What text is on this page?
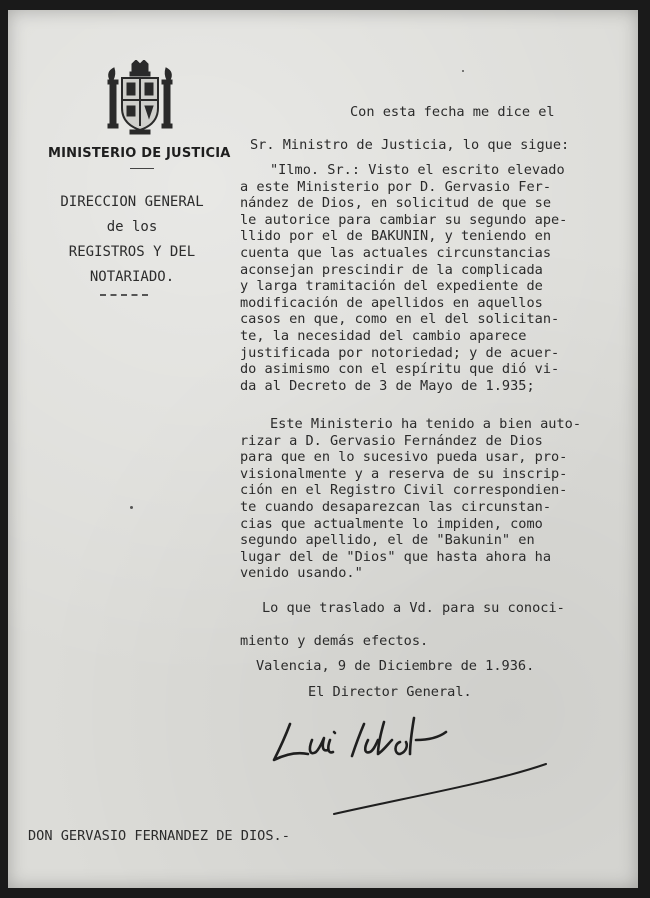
MINISTERIO DE JUSTICIA
DIRECCION GENERAL
de los
REGISTROS Y DEL
NOTARIADO.
Con esta fecha me dice el
Sr. Ministro de Justicia, lo que sigue:
"Ilmo. Sr.: Visto el escrito elevado
a este Ministerio por D. Gervasio Fer-
nández de Dios, en solicitud de que se
le autorice para cambiar su segundo ape-
llido por el de BAKUNIN, y teniendo en
cuenta que las actuales circunstancias
aconsejan prescindir de la complicada
y larga tramitación del expediente de
modificación de apellidos en aquellos
casos en que, como en el del solicitan-
te, la necesidad del cambio aparece
justificada por notoriedad; y de acuer-
do asimismo con el espíritu que dió vi-
da al Decreto de 3 de Mayo de 1.935;
Este Ministerio ha tenido a bien auto-
rizar a D. Gervasio Fernández de Dios
para que en lo sucesivo pueda usar, pro-
visionalmente y a reserva de su inscrip-
ción en el Registro Civil correspondien-
te cuando desaparezcan las circunstan-
cias que actualmente lo impiden, como
segundo apellido, el de "Bakunin" en
lugar del de "Dios" que hasta ahora ha
venido usando."
Lo que traslado a Vd. para su conoci-
miento y demás efectos.
Valencia, 9 de Diciembre de 1.936.
El Director General.
DON GERVASIO FERNANDEZ DE DIOS.-
